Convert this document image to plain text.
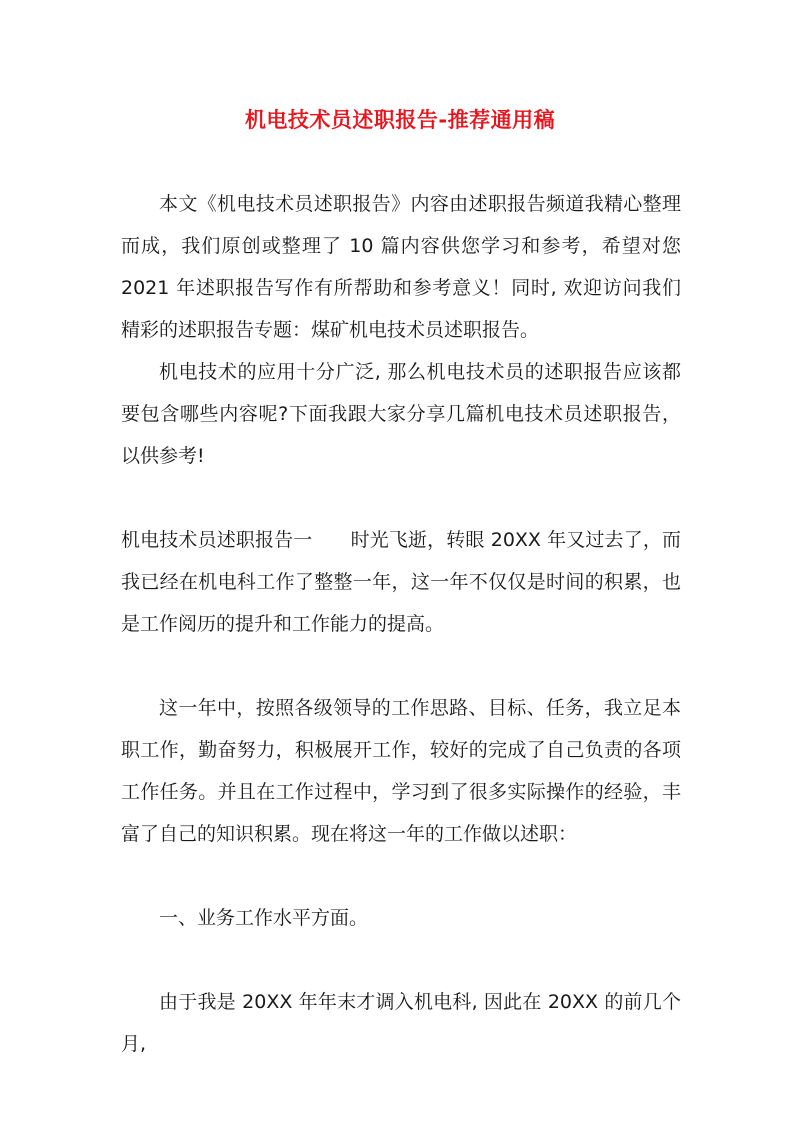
机电技术员述职报告-推荐通用稿
本文《机电技术员述职报告》内容由述职报告频道我精心整理而成，我们原创或整理了 10 篇内容供您学习和参考，希望对您 2021 年述职报告写作有所帮助和参考意义！同时, 欢迎访问我们精彩的述职报告专题：煤矿机电技术员述职报告。
机电技术的应用十分广泛, 那么机电技术员的述职报告应该都要包含哪些内容呢?下面我跟大家分享几篇机电技术员述职报告，以供参考!
机电技术员述职报告一 时光飞逝，转眼 20XX 年又过去了，而我已经在机电科工作了整整一年，这一年不仅仅是时间的积累，也是工作阅历的提升和工作能力的提高。
这一年中，按照各级领导的工作思路、目标、任务，我立足本职工作，勤奋努力，积极展开工作，较好的完成了自己负责的各项工作任务。并且在工作过程中，学习到了很多实际操作的经验，丰富了自己的知识积累。现在将这一年的工作做以述职：
一、业务工作水平方面。
由于我是 20XX 年年末才调入机电科, 因此在 20XX 的前几个月,
